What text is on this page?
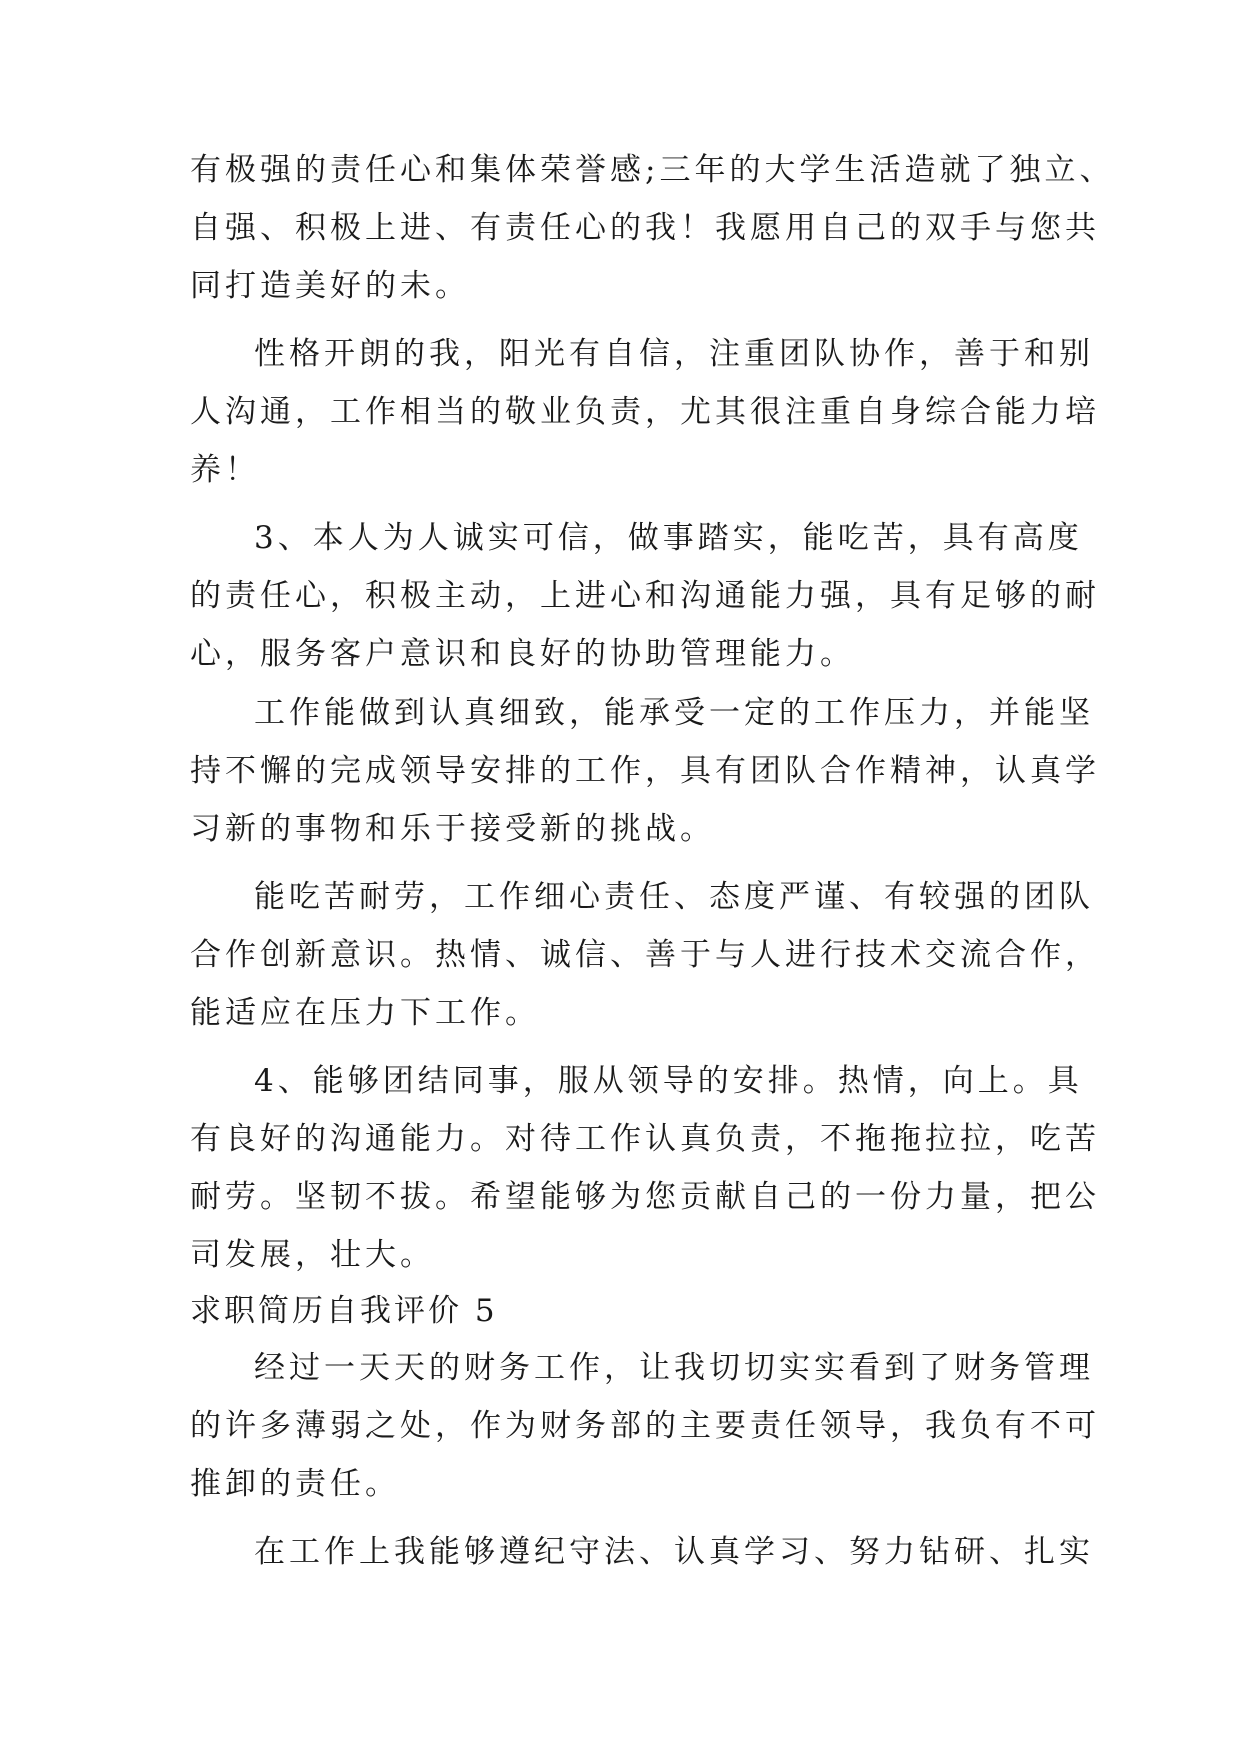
有极强的责任心和集体荣誉感;三年的大学生活造就了独立、
自强、积极上进、有责任心的我！我愿用自己的双手与您共
同打造美好的未。
性格开朗的我，阳光有自信，注重团队协作，善于和别
人沟通，工作相当的敬业负责，尤其很注重自身综合能力培
养！
3、本人为人诚实可信，做事踏实，能吃苦，具有高度
的责任心，积极主动，上进心和沟通能力强，具有足够的耐
心，服务客户意识和良好的协助管理能力。
工作能做到认真细致，能承受一定的工作压力，并能坚
持不懈的完成领导安排的工作，具有团队合作精神，认真学
习新的事物和乐于接受新的挑战。
能吃苦耐劳，工作细心责任、态度严谨、有较强的团队
合作创新意识。热情、诚信、善于与人进行技术交流合作，
能适应在压力下工作。
4、能够团结同事，服从领导的安排。热情，向上。具
有良好的沟通能力。对待工作认真负责，不拖拖拉拉，吃苦
耐劳。坚韧不拔。希望能够为您贡献自己的一份力量，把公
司发展，壮大。
求职简历自我评价 5
经过一天天的财务工作，让我切切实实看到了财务管理
的许多薄弱之处，作为财务部的主要责任领导，我负有不可
推卸的责任。
在工作上我能够遵纪守法、认真学习、努力钻研、扎实
